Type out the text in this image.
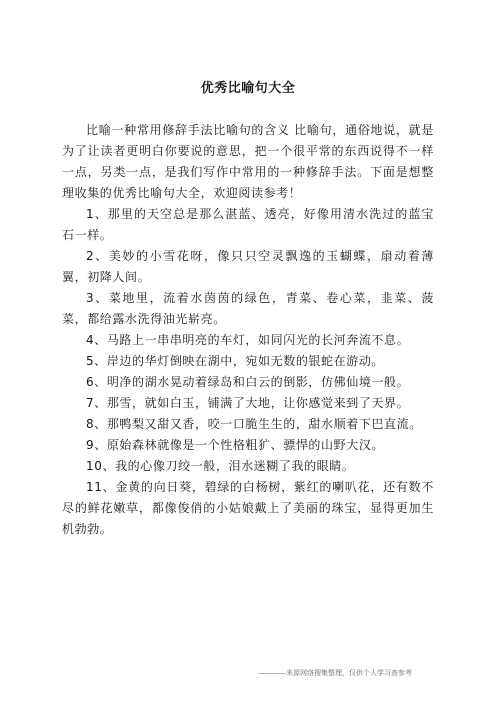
优秀比喻句大全

比喻一种常用修辞手法比喻句的含义 比喻句，通俗地说，就是为了让读者更明白你要说的意思，把一个很平常的东西说得不一样一点，另类一点，是我们写作中常用的一种修辞手法。下面是想整理收集的优秀比喻句大全，欢迎阅读参考！

1、那里的天空总是那么湛蓝、透亮，好像用清水洗过的蓝宝石一样。

2、美妙的小雪花呀，像只只空灵飘逸的玉蝴蝶，扇动着薄翼，初降人间。

3、菜地里，流着水茵茵的绿色，青菜、卷心菜，韭菜、菠菜，都给露水洗得油光崭亮。

4、马路上一串串明亮的车灯，如同闪光的长河奔流不息。

5、岸边的华灯倒映在湖中，宛如无数的银蛇在游动。

6、明净的湖水晃动着绿岛和白云的倒影，仿佛仙境一般。

7、那雪，就如白玉，铺满了大地，让你感觉来到了天界。

8、那鸭梨又甜又香，咬一口脆生生的，甜水顺着下巴直流。

9、原始森林就像是一个性格粗犷、骠悍的山野大汉。

10、我的心像刀绞一般，泪水迷糊了我的眼睛。

11、金黄的向日葵，碧绿的白杨树，紫红的喇叭花，还有数不尽的鲜花嫩草，都像俊俏的小姑娘戴上了美丽的珠宝，显得更加生机勃勃。

————来源网络搜集整理，仅供个人学习查参考
